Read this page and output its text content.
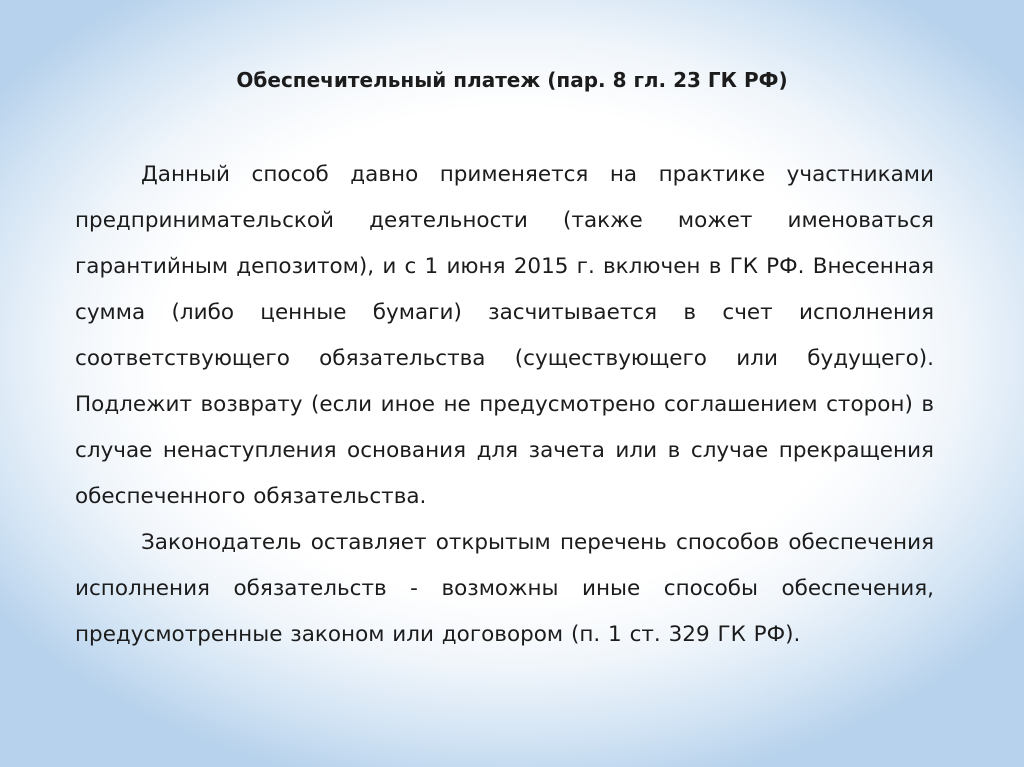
Обеспечительный платеж (пар. 8 гл. 23 ГК РФ)

Данный способ давно применяется на практике участниками предпринимательской деятельности (также может именоваться гарантийным депозитом), и с 1 июня 2015 г. включен в ГК РФ. Внесенная сумма (либо ценные бумаги) засчитывается в счет исполнения соответствующего обязательства (существующего или будущего). Подлежит возврату (если иное не предусмотрено соглашением сторон) в случае ненаступления основания для зачета или в случае прекращения обеспеченного обязательства.

Законодатель оставляет открытым перечень способов обеспечения исполнения обязательств - возможны иные способы обеспечения, предусмотренные законом или договором (п. 1 ст. 329 ГК РФ).
